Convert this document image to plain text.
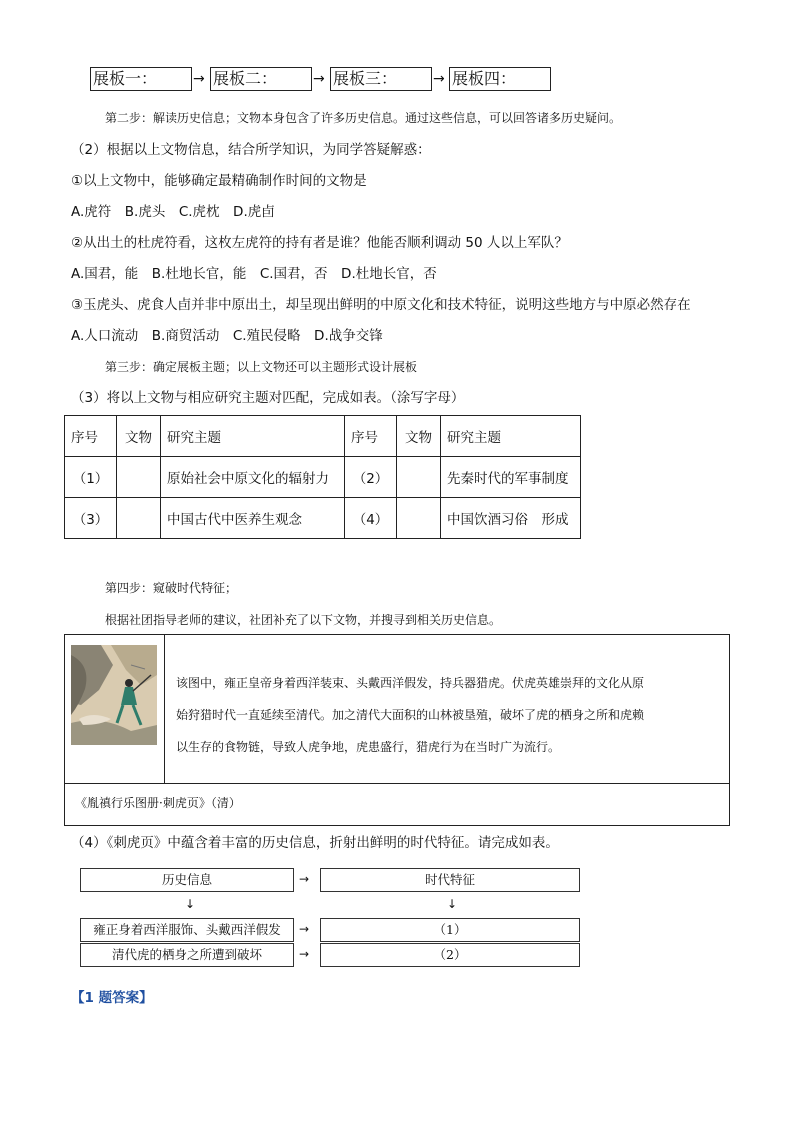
展板一：	→ 展板二：	→ 展板三：	→ 展板四：
第二步：解读历史信息；文物本身包含了许多历史信息。通过这些信息，可以回答诸多历史疑问。
（2）根据以上文物信息，结合所学知识，为同学答疑解惑：
①以上文物中，能够确定最精确制作时间的文物是
A.虎符　B.虎头　C.虎枕　D.虎卣
②从出土的杜虎符看，这枚左虎符的持有者是谁？他能否顺利调动 50 人以上军队？
A.国君，能　B.杜地长官，能　C.国君，否　D.杜地长官，否
③玉虎头、虎食人卣并非中原出土，却呈现出鲜明的中原文化和技术特征，说明这些地方与中原必然存在
A.人口流动　B.商贸活动　C.殖民侵略　D.战争交锋
第三步：确定展板主题；以上文物还可以主题形式设计展板
（3）将以上文物与相应研究主题对匹配，完成如表。（涂写字母）
序号	文物	研究主题	序号	文物	研究主题
（1）		原始社会中原文化的辐射力	（2）		先秦时代的军事制度
（3）		中国古代中医养生观念	（4）		中国饮酒习俗　形成
第四步：窥破时代特征；
根据社团指导老师的建议，社团补充了以下文物，并搜寻到相关历史信息。
该图中，雍正皇帝身着西洋装束、头戴西洋假发，持兵器猎虎。伏虎英雄崇拜的文化从原
始狩猎时代一直延续至清代。加之清代大面积的山林被垦殖，破坏了虎的栖身之所和虎赖
以生存的食物链，导致人虎争地，虎患盛行，猎虎行为在当时广为流行。
《胤禛行乐图册·刺虎页》（清）
（4）《刺虎页》中蕴含着丰富的历史信息，折射出鲜明的时代特征。请完成如表。
历史信息	→	时代特征
↓	↓
雍正身着西洋服饰、头戴西洋假发	→	（1）
清代虎的栖身之所遭到破坏	→	（2）
【1 题答案】
